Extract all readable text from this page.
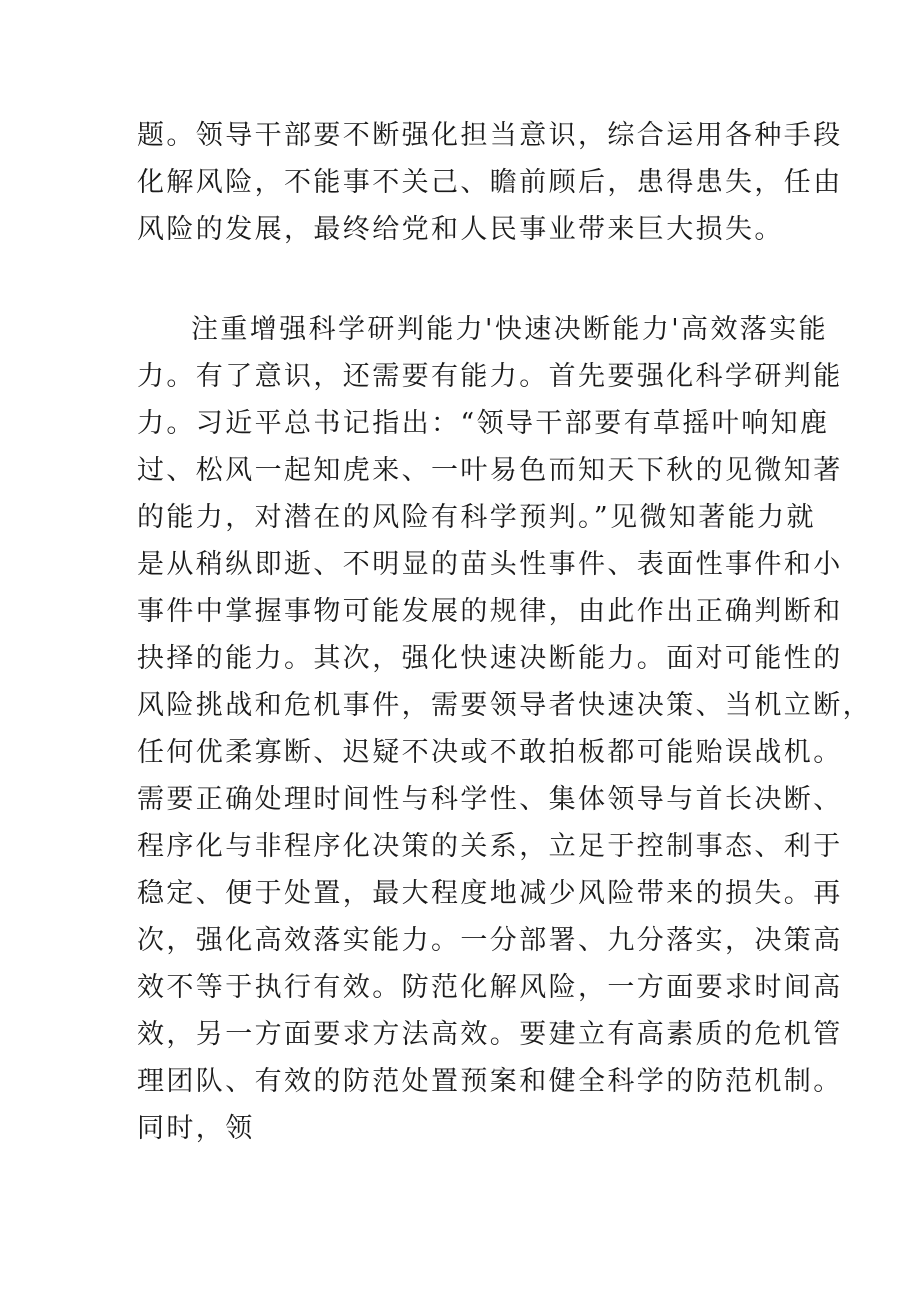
题。领导干部要不断强化担当意识，综合运用各种手段
化解风险，不能事不关己、瞻前顾后，患得患失，任由
风险的发展，最终给党和人民事业带来巨大损失。

注重增强科学研判能力'快速决断能力'高效落实能
力。有了意识，还需要有能力。首先要强化科学研判能
力。习近平总书记指出：“领导干部要有草摇叶响知鹿
过、松风一起知虎来、一叶易色而知天下秋的见微知著
的能力，对潜在的风险有科学预判。”见微知著能力就
是从稍纵即逝、不明显的苗头性事件、表面性事件和小
事件中掌握事物可能发展的规律，由此作出正确判断和
抉择的能力。其次，强化快速决断能力。面对可能性的
风险挑战和危机事件，需要领导者快速决策、当机立断，
任何优柔寡断、迟疑不决或不敢拍板都可能贻误战机。
需要正确处理时间性与科学性、集体领导与首长决断、
程序化与非程序化决策的关系，立足于控制事态、利于
稳定、便于处置，最大程度地减少风险带来的损失。再
次，强化高效落实能力。一分部署、九分落实，决策高
效不等于执行有效。防范化解风险，一方面要求时间高
效，另一方面要求方法高效。要建立有高素质的危机管
理团队、有效的防范处置预案和健全科学的防范机制。
同时，领
